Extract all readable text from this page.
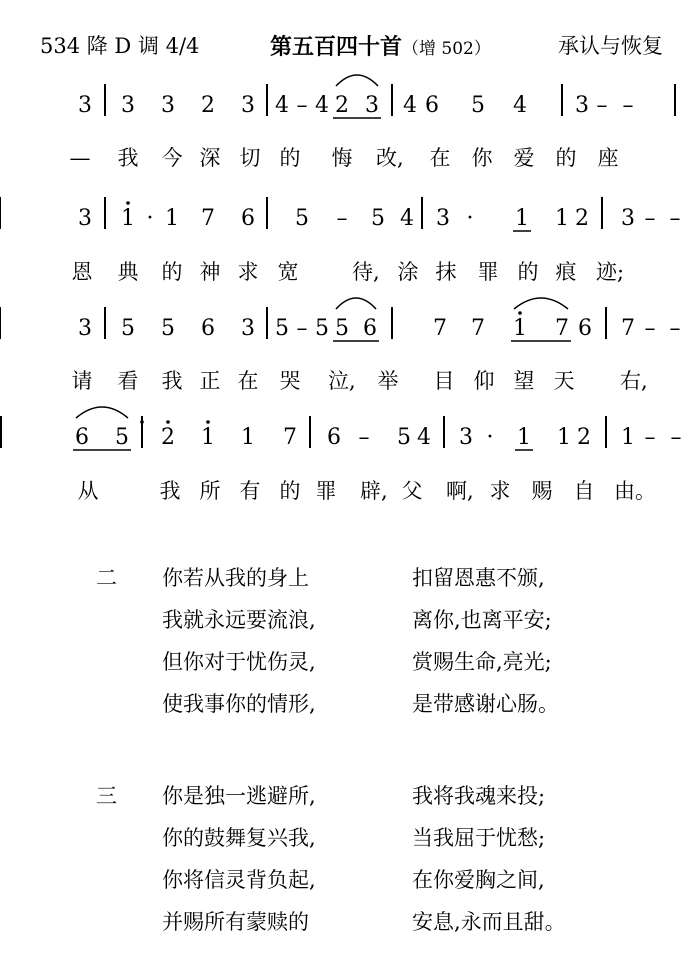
534 降 D 调 4/4	第五百四十首（增 502）	承认与恢复
3 3 3 2 3 4 – 4 2 3 4 6 5 4 3 – –
3 1 · 1 7 6 5 – 5 4 3 · 1 1 2 3 – –
3 5 5 6 3 5 – 5 5 6	7 7 1 7 6 7 – –
6 5 2 1 1 7 6 – 5 4 3 · 1 1 2 1 – –
— 我 今 深 切 的 悔 改, 在 你 爱 的 座
恩 典 的 神 求 宽	待, 涂 抹 罪 的 痕 迹;
请 看 我 正 在 哭 泣, 举 目 仰 望 天 右,
从	我 所 有 的 罪 辟, 父 啊, 求 赐 自 由。
二 你若从我的身上	扣留恩惠不颁,
我就永远要流浪,	离你,也离平安;
但你对于忧伤灵,	赏赐生命,亮光;
使我事你的情形,	是带感谢心肠。
三 你是独一逃避所,	我将我魂来投;
你的鼓舞复兴我,	当我屈于忧愁;
你将信灵背负起,	在你爱胸之间,
并赐所有蒙赎的	安息,永而且甜。
